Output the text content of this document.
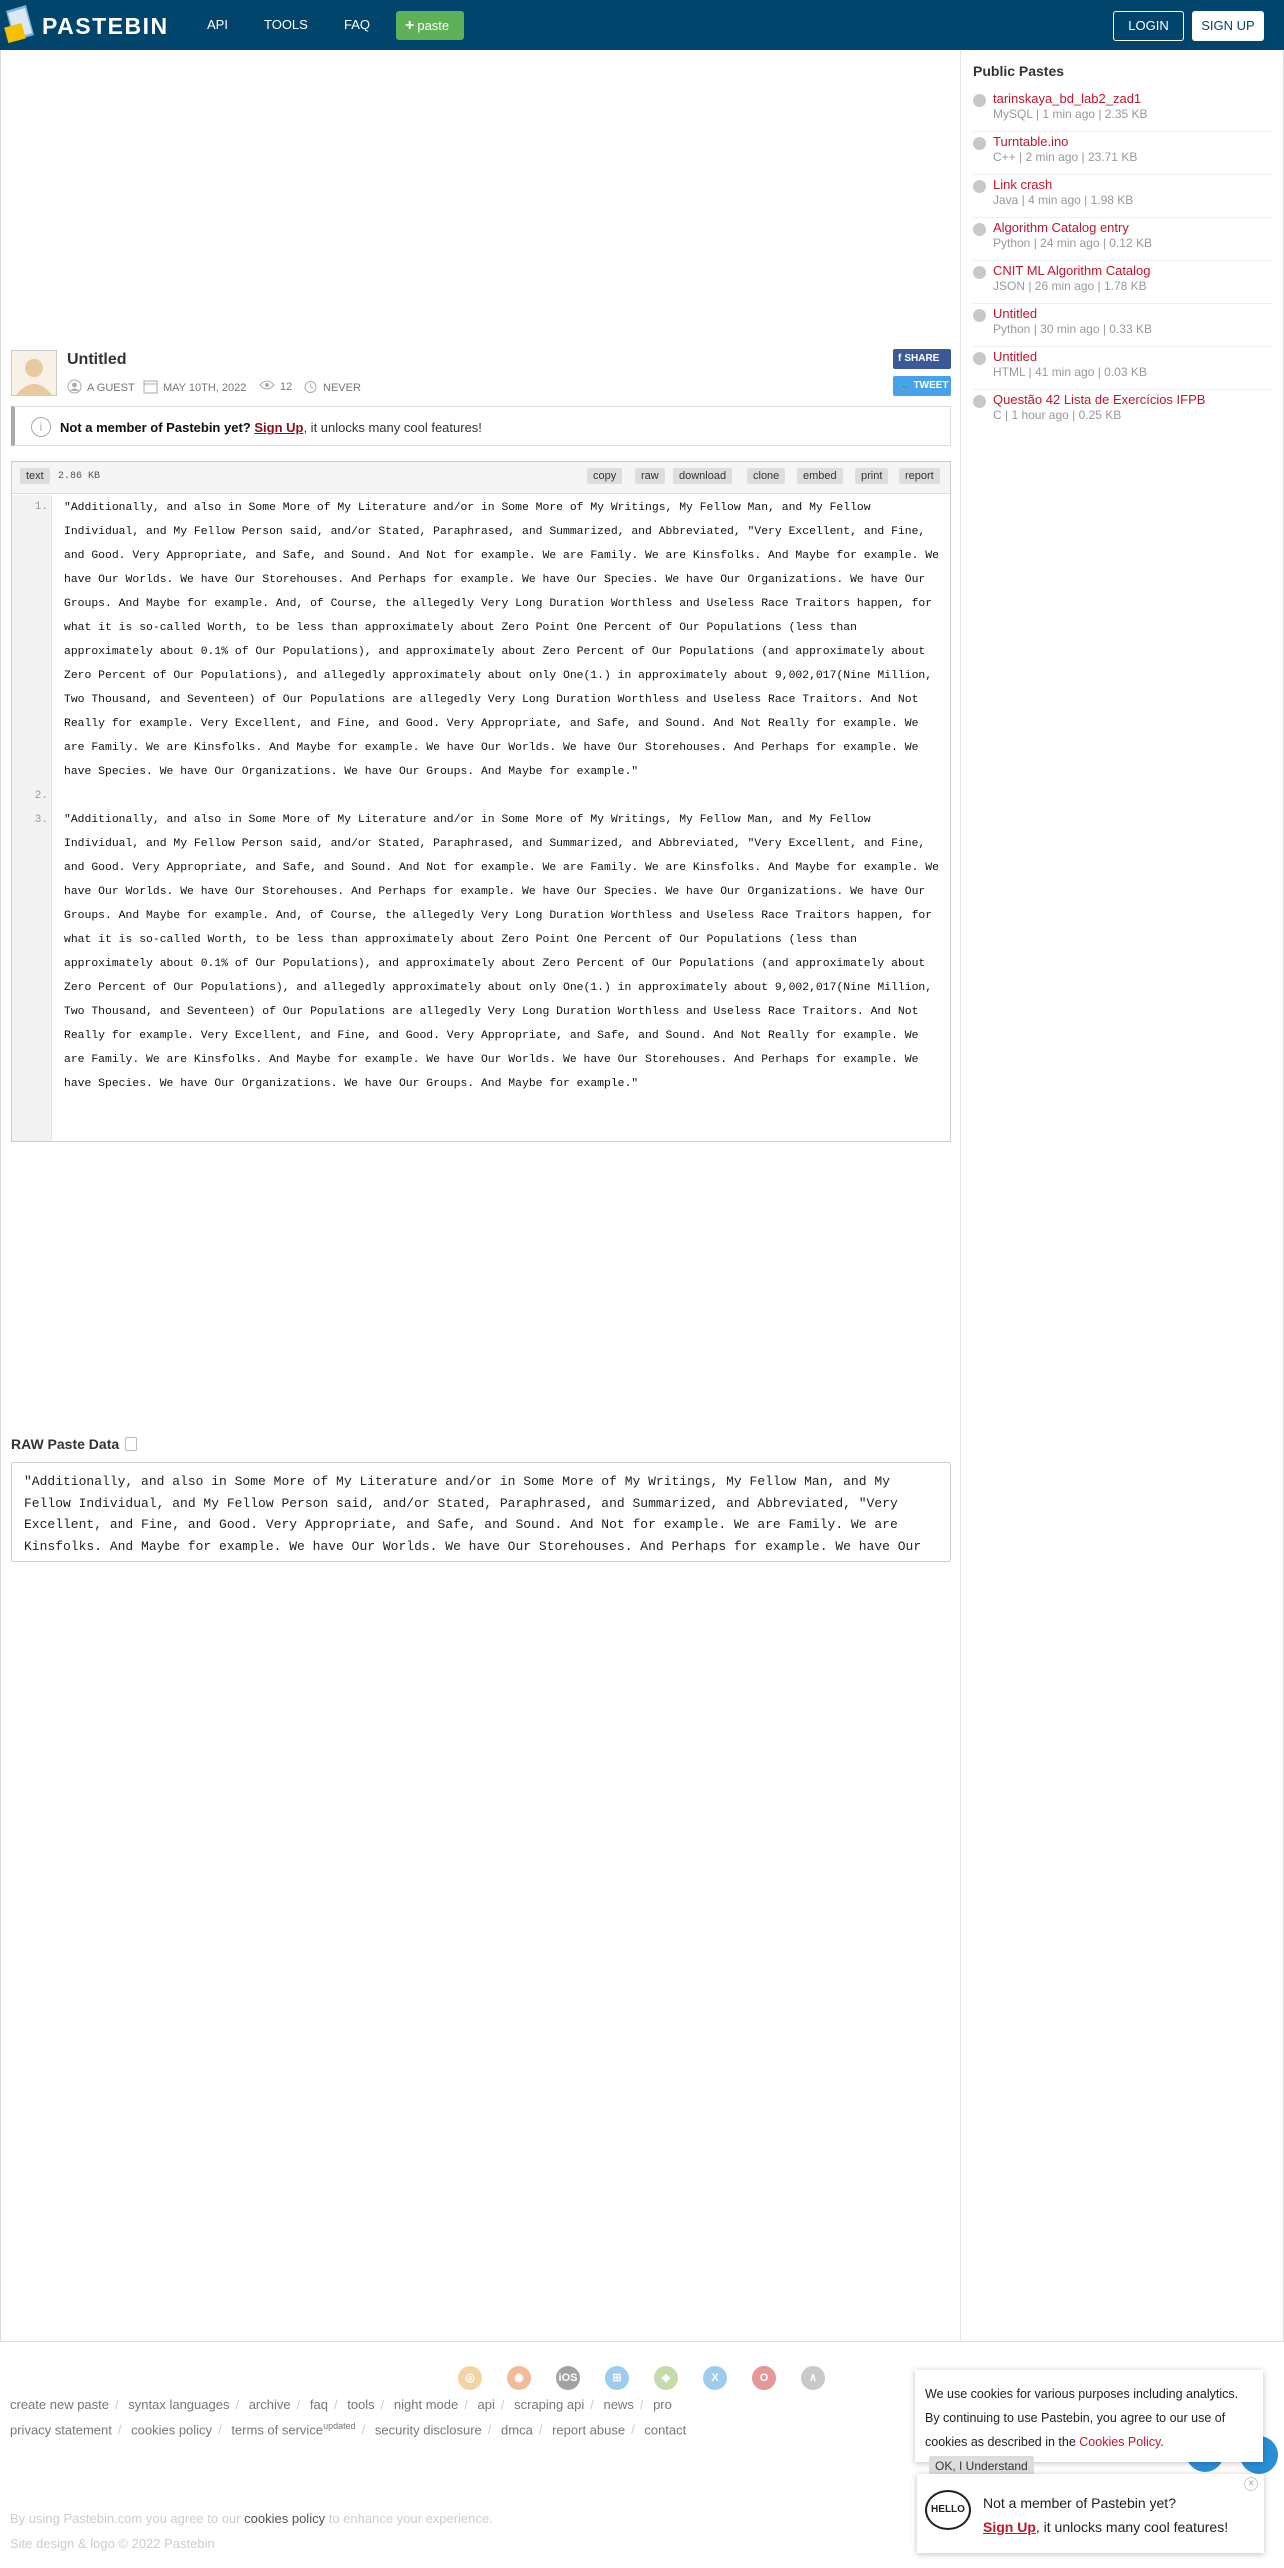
PASTEBIN	API	TOOLS	FAQ	+ paste	LOGIN	SIGN UP
Untitled
A GUEST	MAY 10TH, 2022	12	NEVER
f SHARE
🐦 TWEET
i	Not a member of Pastebin yet? Sign Up, it unlocks many cool features!
text	2.86 KB	copy	raw	download	clone	embed	print	report
1.	"Additionally, and also in Some More of My Literature and/or in Some More of My Writings, My Fellow Man, and My Fellow Individual, and My Fellow Person said, and/or Stated, Paraphrased, and Summarized, and Abbreviated, "Very Excellent, and Fine, and Good. Very Appropriate, and Safe, and Sound. And Not for example. We are Family. We are Kinsfolks. And Maybe for example. We have Our Worlds. We have Our Storehouses. And Perhaps for example. We have Our Species. We have Our Organizations. We have Our Groups. And Maybe for example. And, of Course, the allegedly Very Long Duration Worthless and Useless Race Traitors happen, for what it is so-called Worth, to be less than approximately about Zero Point One Percent of Our Populations (less than approximately about 0.1% of Our Populations), and approximately about Zero Percent of Our Populations (and approximately about Zero Percent of Our Populations), and allegedly approximately about only One(1.) in approximately about 9,002,017(Nine Million, Two Thousand, and Seventeen) of Our Populations are allegedly Very Long Duration Worthless and Useless Race Traitors. And Not Really for example. Very Excellent, and Fine, and Good. Very Appropriate, and Safe, and Sound. And Not Really for example. We are Family. We are Kinsfolks. And Maybe for example. We have Our Worlds. We have Our Storehouses. And Perhaps for example. We have Species. We have Our Organizations. We have Our Groups. And Maybe for example."
2.
3.	"Additionally, and also in Some More of My Literature and/or in Some More of My Writings, My Fellow Man, and My Fellow Individual, and My Fellow Person said, and/or Stated, Paraphrased, and Summarized, and Abbreviated, "Very Excellent, and Fine, and Good. Very Appropriate, and Safe, and Sound. And Not for example. We are Family. We are Kinsfolks. And Maybe for example. We have Our Worlds. We have Our Storehouses. And Perhaps for example. We have Our Species. We have Our Organizations. We have Our Groups. And Maybe for example. And, of Course, the allegedly Very Long Duration Worthless and Useless Race Traitors happen, for what it is so-called Worth, to be less than approximately about Zero Point One Percent of Our Populations (less than approximately about 0.1% of Our Populations), and approximately about Zero Percent of Our Populations (and approximately about Zero Percent of Our Populations), and allegedly approximately about only One(1.) in approximately about 9,002,017(Nine Million, Two Thousand, and Seventeen) of Our Populations are allegedly Very Long Duration Worthless and Useless Race Traitors. And Not Really for example. Very Excellent, and Fine, and Good. Very Appropriate, and Safe, and Sound. And Not Really for example. We are Family. We are Kinsfolks. And Maybe for example. We have Our Worlds. We have Our Storehouses. And Perhaps for example. We have Species. We have Our Organizations. We have Our Groups. And Maybe for example."
RAW Paste Data
"Additionally, and also in Some More of My Literature and/or in Some More of My Writings, My Fellow Man, and My Fellow Individual, and My Fellow Person said, and/or Stated, Paraphrased, and Summarized, and Abbreviated, "Very Excellent, and Fine, and Good. Very Appropriate, and Safe, and Sound. And Not for example. We are Family. We are Kinsfolks. And Maybe for example. We have Our Worlds. We have Our Storehouses. And Perhaps for example. We have Our Species. We have Our Organizations. We have Our Groups. And Maybe for example.
Public Pastes
tarinskaya_bd_lab2_zad1
MySQL | 1 min ago | 2.35 KB
Turntable.ino
C++ | 2 min ago | 23.71 KB
Link crash
Java | 4 min ago | 1.98 KB
Algorithm Catalog entry
Python | 24 min ago | 0.12 KB
CNIT ML Algorithm Catalog
JSON | 26 min ago | 1.78 KB
Untitled
Python | 30 min ago | 0.33 KB
Untitled
HTML | 41 min ago | 0.03 KB
Questão 42 Lista de Exercícios IFPB
C | 1 hour ago | 0.25 KB
◎	◉	iOS	⊞	◆	X	O	∧
create new paste / syntax languages / archive / faq / tools / night mode / api / scraping api / news / pro
privacy statement / cookies policy / terms of service$^{updated}$ / security disclosure / dmca / report abuse / contact
By using Pastebin.com you agree to our cookies policy to enhance your experience.
Site design & logo © 2022 Pastebin
We use cookies for various purposes including analytics. By continuing to use Pastebin, you agree to our use of cookies as described in the Cookies Policy. OK, I Understand
HELLO	Not a member of Pastebin yet?
Sign Up, it unlocks many cool features!
×
